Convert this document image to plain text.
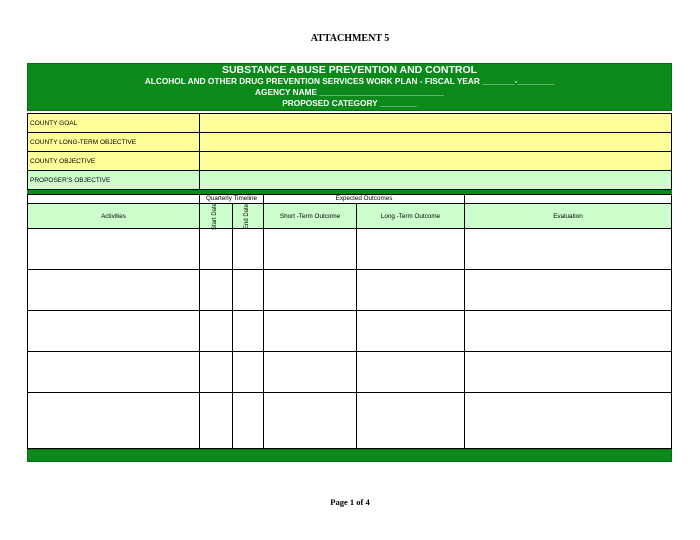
ATTACHMENT 5
SUBSTANCE ABUSE PREVENTION AND CONTROL
ALCOHOL AND OTHER DRUG PREVENTION SERVICES WORK PLAN - FISCAL YEAR _______-________
AGENCY NAME ___________________________
PROPOSED CATEGORY ________
COUNTY GOAL	
COUNTY LONG-TERM OBJECTIVE	
COUNTY OBJECTIVE	
PROPOSER'S OBJECTIVE	
	Quarterly Timeline		Expected Outcomes		
Activities	Start Date	End Date	Short -Term Outcome	Long -Term Outcome	Evaluation

Page 1 of 4
